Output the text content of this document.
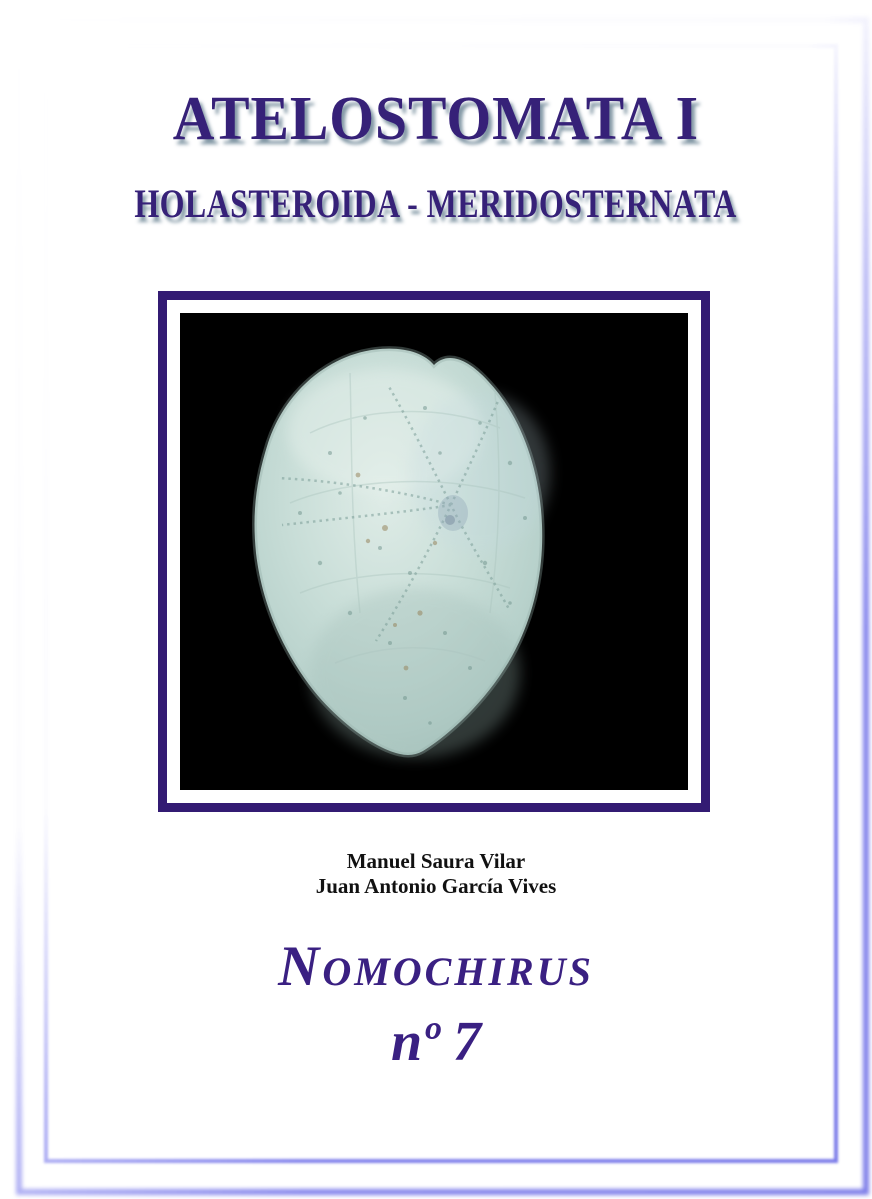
ATELOSTOMATA I
HOLASTEROIDA - MERIDOSTERNATA
Manuel Saura Vilar
Juan Antonio García Vives
Nomochirus
nº 7
